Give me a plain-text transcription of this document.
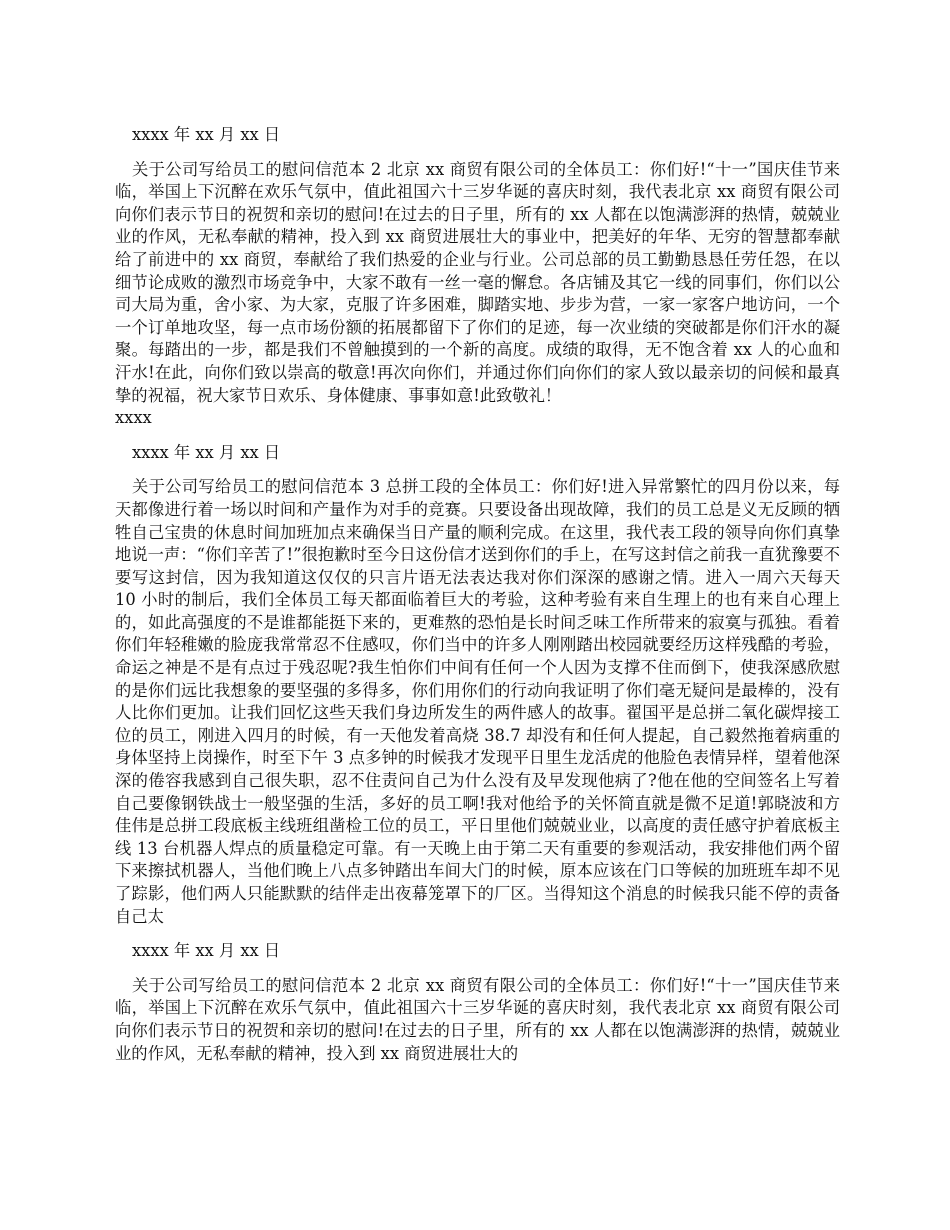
xxxx 年 xx 月 xx 日

关于公司写给员工的慰问信范本 2 北京 xx 商贸有限公司的全体员工：你们好!“十一”国庆佳节来临，举国上下沉醉在欢乐气氛中，值此祖国六十三岁华诞的喜庆时刻，我代表北京 xx 商贸有限公司向你们表示节日的祝贺和亲切的慰问!在过去的日子里，所有的 xx 人都在以饱满澎湃的热情，兢兢业业的作风，无私奉献的精神，投入到 xx 商贸进展壮大的事业中，把美好的年华、无穷的智慧都奉献给了前进中的 xx 商贸，奉献给了我们热爱的企业与行业。公司总部的员工勤勤恳恳任劳任怨，在以细节论成败的激烈市场竞争中，大家不敢有一丝一毫的懈怠。各店铺及其它一线的同事们，你们以公司大局为重，舍小家、为大家，克服了许多困难，脚踏实地、步步为营，一家一家客户地访问，一个一个订单地攻坚，每一点市场份额的拓展都留下了你们的足迹，每一次业绩的突破都是你们汗水的凝聚。每踏出的一步，都是我们不曾触摸到的一个新的高度。成绩的取得，无不饱含着 xx 人的心血和汗水!在此，向你们致以崇高的敬意!再次向你们，并通过你们向你们的家人致以最亲切的问候和最真挚的祝福，祝大家节日欢乐、身体健康、事事如意!此致敬礼！

xxxx

xxxx 年 xx 月 xx 日

关于公司写给员工的慰问信范本 3 总拼工段的全体员工：你们好!进入异常繁忙的四月份以来，每天都像进行着一场以时间和产量作为对手的竞赛。只要设备出现故障，我们的员工总是义无反顾的牺牲自己宝贵的休息时间加班加点来确保当日产量的顺利完成。在这里，我代表工段的领导向你们真挚地说一声：“你们辛苦了!”很抱歉时至今日这份信才送到你们的手上，在写这封信之前我一直犹豫要不要写这封信，因为我知道这仅仅的只言片语无法表达我对你们深深的感谢之情。进入一周六天每天 10 小时的制后，我们全体员工每天都面临着巨大的考验，这种考验有来自生理上的也有来自心理上的，如此高强度的不是谁都能挺下来的，更难熬的恐怕是长时间乏味工作所带来的寂寞与孤独。看着你们年轻稚嫩的脸庞我常常忍不住感叹，你们当中的许多人刚刚踏出校园就要经历这样残酷的考验，命运之神是不是有点过于残忍呢?我生怕你们中间有任何一个人因为支撑不住而倒下，使我深感欣慰的是你们远比我想象的要坚强的多得多，你们用你们的行动向我证明了你们毫无疑问是最棒的，没有人比你们更加。让我们回忆这些天我们身边所发生的两件感人的故事。翟国平是总拼二氧化碳焊接工位的员工，刚进入四月的时候，有一天他发着高烧 38.7 却没有和任何人提起，自己毅然拖着病重的身体坚持上岗操作，时至下午 3 点多钟的时候我才发现平日里生龙活虎的他脸色表情异样，望着他深深的倦容我感到自己很失职，忍不住责问自己为什么没有及早发现他病了?他在他的空间签名上写着自己要像钢铁战士一般坚强的生活，多好的员工啊!我对他给予的关怀简直就是微不足道!郭晓波和方佳伟是总拼工段底板主线班组凿检工位的员工，平日里他们兢兢业业，以高度的责任感守护着底板主线 13 台机器人焊点的质量稳定可靠。有一天晚上由于第二天有重要的参观活动，我安排他们两个留下来擦拭机器人，当他们晚上八点多钟踏出车间大门的时候，原本应该在门口等候的加班班车却不见了踪影，他们两人只能默默的结伴走出夜幕笼罩下的厂区。当得知这个消息的时候我只能不停的责备自己太

xxxx 年 xx 月 xx 日

关于公司写给员工的慰问信范本 2 北京 xx 商贸有限公司的全体员工：你们好!“十一”国庆佳节来临，举国上下沉醉在欢乐气氛中，值此祖国六十三岁华诞的喜庆时刻，我代表北京 xx 商贸有限公司向你们表示节日的祝贺和亲切的慰问!在过去的日子里，所有的 xx 人都在以饱满澎湃的热情，兢兢业业的作风，无私奉献的精神，投入到 xx 商贸进展壮大的
